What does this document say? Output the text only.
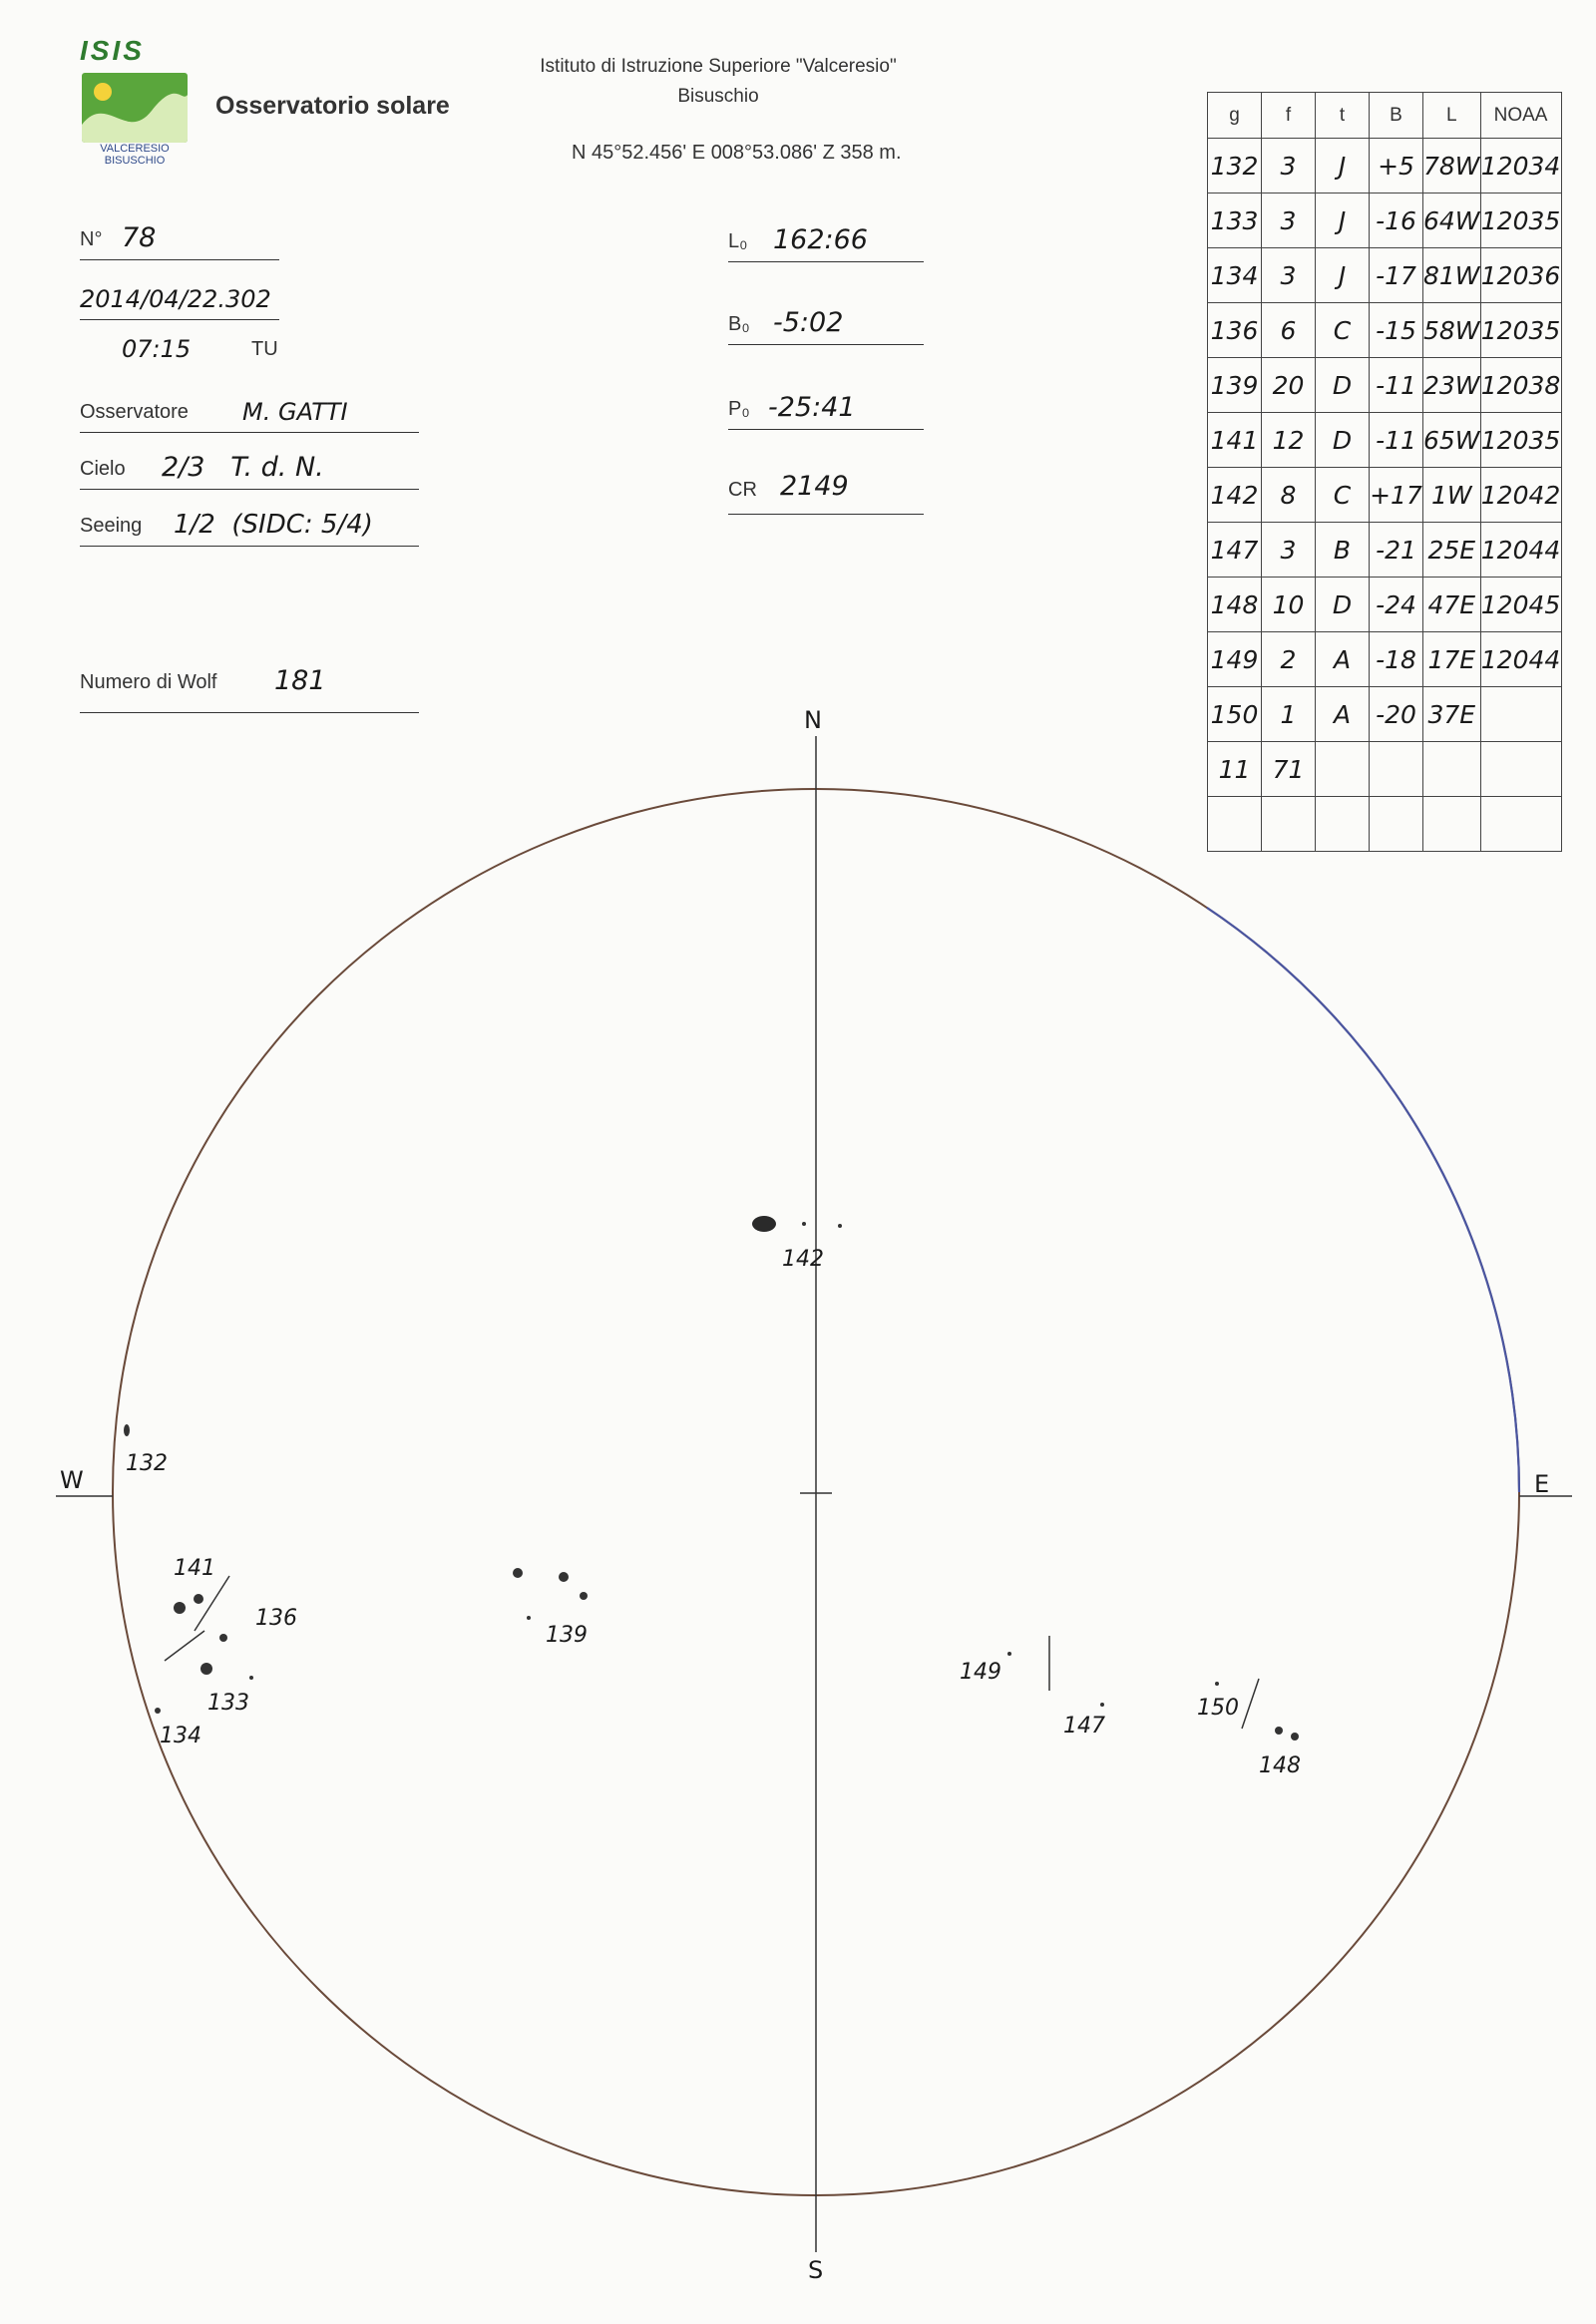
ISIS
VALCERESIO
BISUSCHIO
Osservatorio solare
Istituto di Istruzione Superiore "Valceresio"
Bisuschio
N 45°52.456' E 008°53.086' Z 358 m.
N° 78
2014/04/22.302
07:15	TU
Osservatore M. GATTI
Cielo 2/3   T. d. N.
Seeing 1/2  (SIDC: 5/4)
Numero di Wolf 181
L₀ 162:66
B₀ -5:02
P₀ -25:41
CR 2149
g	f	t	B	L	NOAA
132	3	J	+5	78W	12034
133	3	J	-16	64W	12035
134	3	J	-17	81W	12036
136	6	C	-15	58W	12035
139	20	D	-11	23W	12038
141	12	D	-11	65W	12035
142	8	C	+17	1W	12042
147	3	B	-21	25E	12044
148	10	D	-24	47E	12045
149	2	A	-18	17E	12044
150	1	A	-20	37E	
11	71				

N
S
E
W
142
132
141
136
133
134
139
149
147
150
148
